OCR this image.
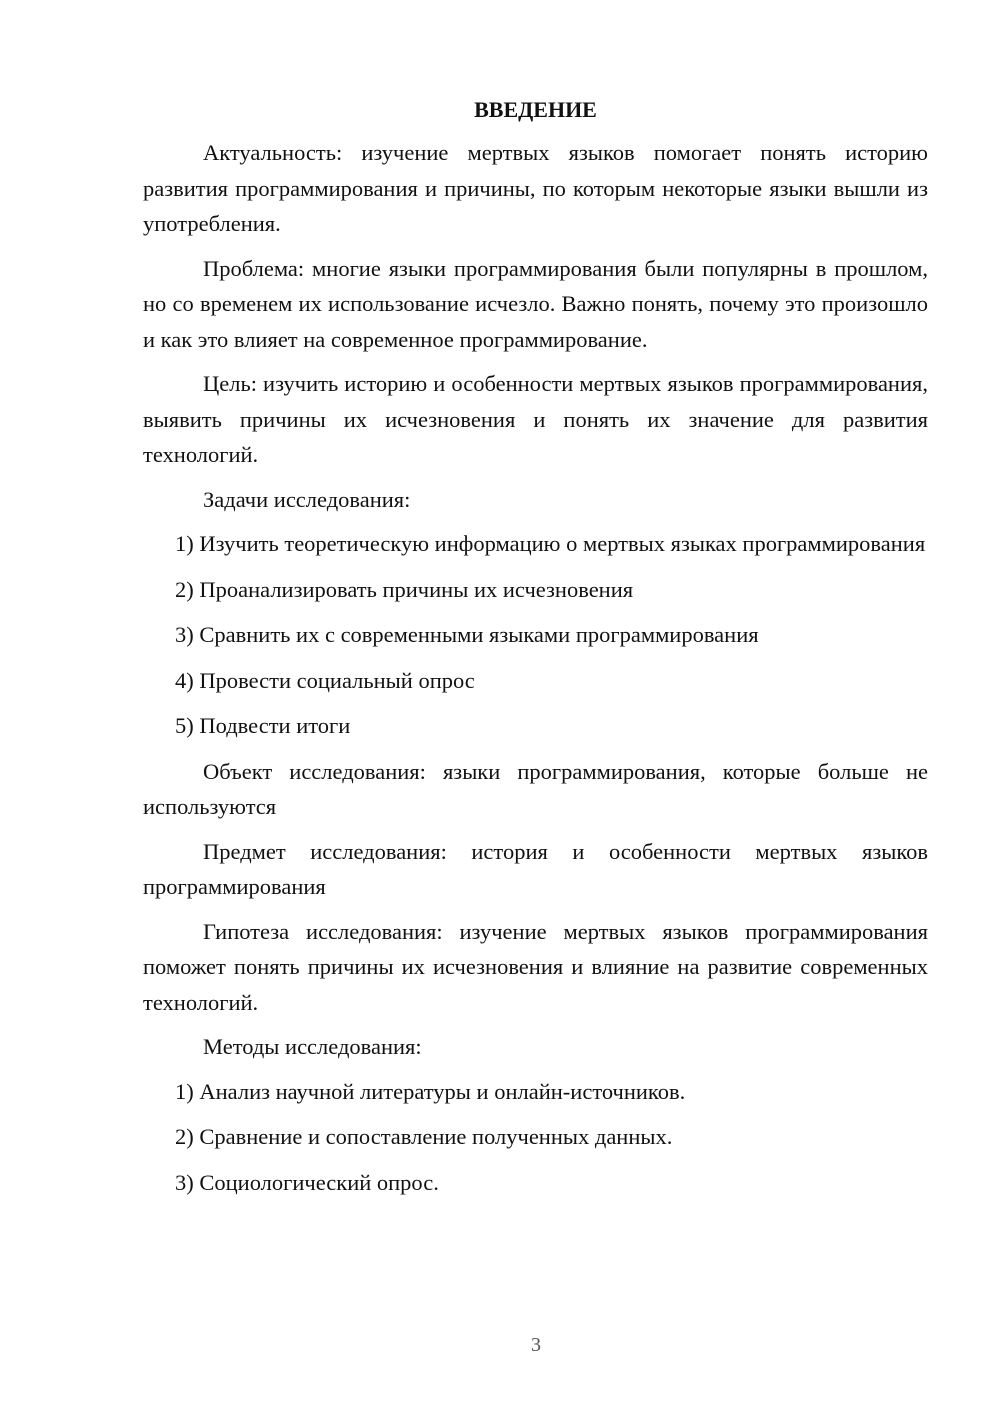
ВВЕДЕНИЕ
Актуальность: изучение мертвых языков помогает понять историю развития программирования и причины, по которым некоторые языки вышли из употребления.
Проблема: многие языки программирования были популярны в прошлом, но со временем их использование исчезло. Важно понять, почему это произошло и как это влияет на современное программирование.
Цель: изучить историю и особенности мертвых языков программирования, выявить причины их исчезновения и понять их значение для развития технологий.
Задачи исследования:
1) Изучить теоретическую информацию о мертвых языках программирования
2) Проанализировать причины их исчезновения
3) Сравнить их с современными языками программирования
4) Провести социальный опрос
5) Подвести итоги
Объект исследования: языки программирования, которые больше не используются
Предмет исследования: история и особенности мертвых языков программирования
Гипотеза исследования: изучение мертвых языков программирования поможет понять причины их исчезновения и влияние на развитие современных технологий.
Методы исследования:
1) Анализ научной литературы и онлайн-источников.
2) Сравнение и сопоставление полученных данных.
3) Социологический опрос.
3
